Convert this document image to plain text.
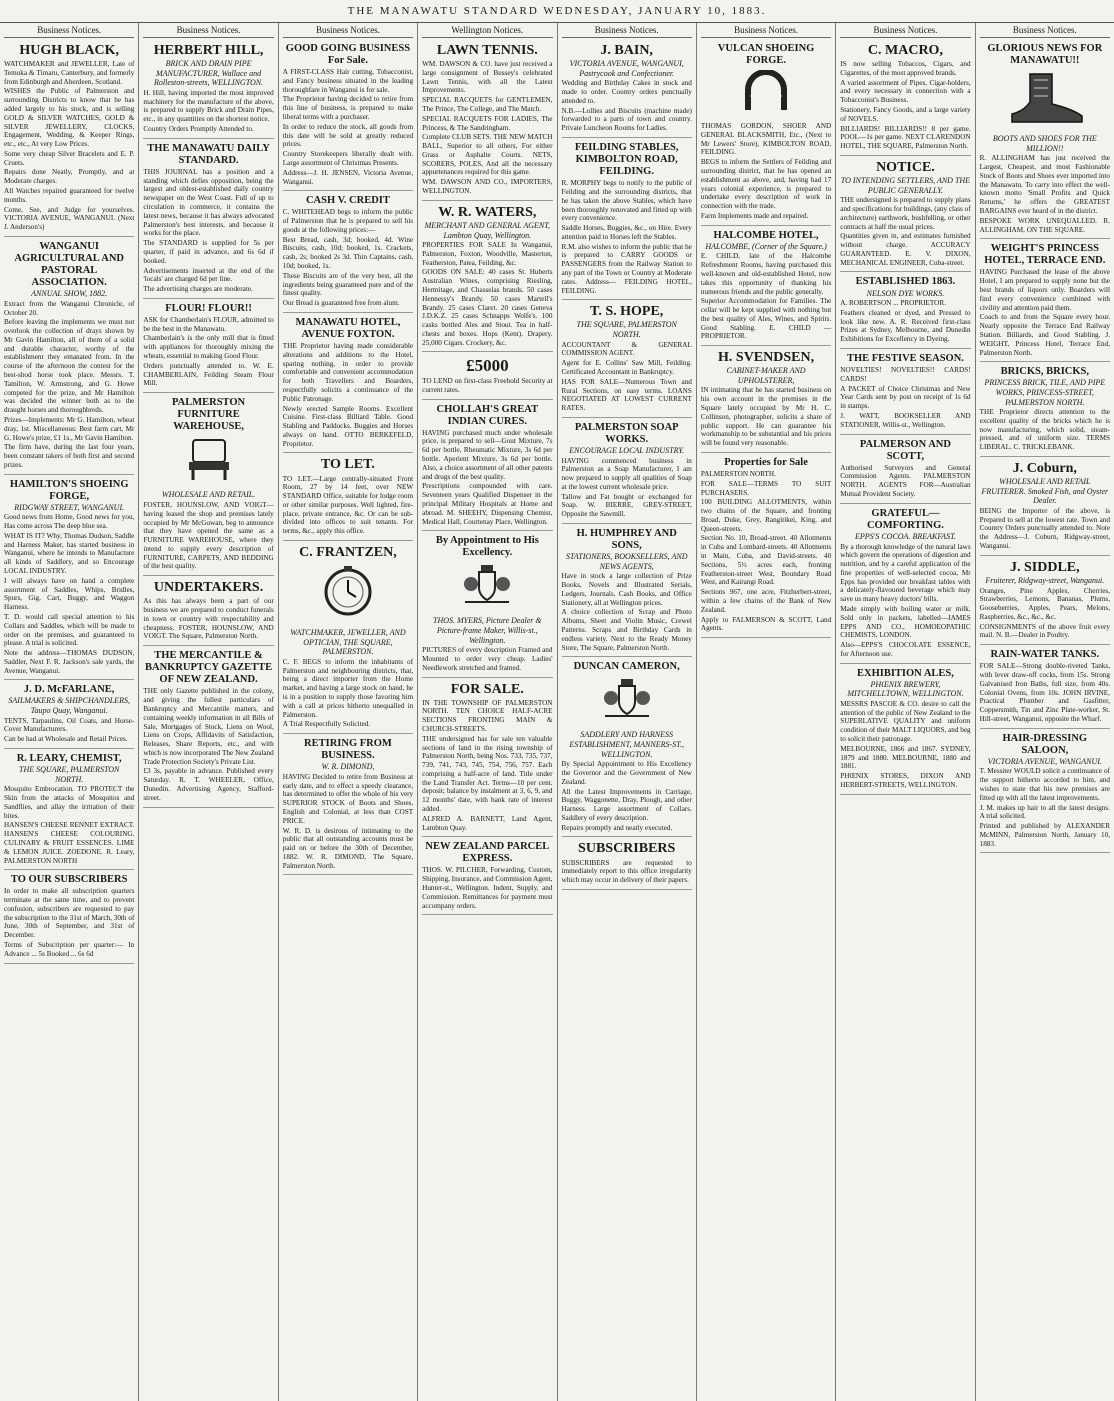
THE MANAWATU STANDARD WEDNESDAY, JANUARY 10, 1883.
Business Notices.
HUGH BLACK,

WATCHMAKER and JEWELLER, Late of Temuka & Timaru, Canterbury, and formerly from Edinburgh and Aberdeen, Scotland.

WISHES the Public of Palmerston and surrounding Districts to know that he has added largely to his stock, and is selling GOLD & SILVER WATCHES, GOLD & SILVER JEWELLERY, CLOCKS, Engagement, Wedding, & Keeper Rings, etc., etc., At very Low Prices.

Some very cheap Silver Bracelets and E. P. Cruets.

Repairs done Neatly, Promptly, and at Moderate charges.

All Watches repaired guaranteed for twelve months.

Come, See, and Judge for yourselves. VICTORIA AVENUE, WANGANUI. (Next J. Anderson's)

WANGANUI AGRICULTURAL AND PASTORAL ASSOCIATION.
ANNUAL SHOW, 1882.

Extract from the Wanganui Chronicle, of October 20.

Before leaving the implements we must not overlook the collection of drays shown by Mr Gavin Hamilton, all of them of a solid and durable character, worthy of the establishment they emanated from. In the course of the afternoon the contest for the best-shod horse took place. Messrs. T. Tamilton, W. Armstrong, and G. Howe competed for the prize, and Mr Hamilton was decided the winner both as to the draught horses and thoroughbreds.

Prizes—Implements: Mr G. Hamilton, wheat dray, 1st. Miscellaneous: Best farm cart, Mr G. Howe's prize, £1 1s., Mr Gavin Hamilton.

The firm have, during the last four years, been constant takers of both first and second prizes.

HAMILTON'S SHOEING FORGE,
RIDGWAY STREET, WANGANUI.

Good news from Home, Good news for you, Has come across The deep blue sea.

WHAT IS IT? Why, Thomas Dudson, Saddle and Harness Maker, has started business in Wanganui, where he intends to Manufacture all kinds of Saddlery, and so Encourage LOCAL INDUSTRY.

I will always have on hand a complete assortment of Saddles, Whips, Bridles, Spurs, Gig, Cart, Buggy, and Waggon Harness.

T. D. would call special attention to his Collars and Saddles, which will be made to order on the premises, and guaranteed to please. A trial is solicited.

Note the address—THOMAS DUDSON, Saddler, Next F. R. Jackson's sale yards, the Avenue, Wanganui.

J. D. McFARLANE,
SAILMAKERS & SHIPCHANDLERS, Taupo Quay, Wanganui.

TENTS, Tarpaulins, Oil Coats, and Horse-Cover Manufacturers.

Can be had at Wholesale and Retail Prices.

R. LEARY, CHEMIST,
THE SQUARE, PALMERSTON NORTH.

Mosquito Embrocation. TO PROTECT the Skin from the attacks of Mosquitos and Sandflies, and allay the irritation of their bites.

HANSEN'S CHEESE RENNET EXTRACT. HANSEN'S CHEESE COLOURING. CULINARY & FRUIT ESSENCES. LIME & LEMON JUICE. ZOEDONE. R. Leary, PALMERSTON NORTH

TO OUR SUBSCRIBERS

In order to make all subscription quarters terminate at the same time, and to prevent confusion, subscribers are requested to pay the subscription to the 31st of March, 30th of June, 30th of September, and 31st of December.

Terms of Subscription per quarter:— In Advance ... 5s Booked ... 6s 6d

Business Notices.
HERBERT HILL,
BRICK AND DRAIN PIPE MANUFACTURER, Wallace and Rolleston-streets, WELLINGTON.

H. Hill, having imported the most improved machinery for the manufacture of the above, is prepared to supply Brick and Drain Pipes, etc., in any quantities on the shortest notice.

Country Orders Promptly Attended to.

THE MANAWATU DAILY STANDARD.

THIS JOURNAL has a position and a standing which defies opposition, being the largest and oldest-established daily country newspaper on the West Coast. Full of up to circulation in commerce, it contains the latest news, because it has always advocated Palmerston's best interests, and because it works for the place.

The STANDARD is supplied for 5s per quarter, if paid in advance, and 6s 6d if booked.

Advertisements inserted at the end of the 'locals' are charged 6d per line.

The advertising charges are moderate.

FLOUR! FLOUR!!

ASK for Chamberlain's FLOUR, admitted to be the best in the Manawatu.

Chamberlain's is the only mill that is fitted with appliances for thoroughly mixing the wheats, essential to making Good Flour.

Orders punctually attended to. W. E. CHAMBERLAIN, Feilding Steam Flour Mill.

PALMERSTON FURNITURE WAREHOUSE,
WHOLESALE AND RETAIL.

FOSTER, HOUNSLOW, AND VOIGT—having leased the shop and premises lately occupied by Mr McGowan, beg to announce that they have opened the same as a FURNITURE WAREHOUSE, where they intend to supply every description of FURNITURE, CARPETS, AND BEDDING of the best quality.

UNDERTAKERS.

As this has always been a part of our business we are prepared to conduct funerals in town or country with respectability and cheapness. FOSTER, HOUNSLOW, AND VOIGT. The Square, Palmerston North.

THE MERCANTILE & BANKRUPTCY GAZETTE OF NEW ZEALAND.

THE only Gazette published in the colony, and giving the fullest particulars of Bankruptcy and Mercantile matters, and containing weekly information in all Bills of Sale, Mortgages of Stock, Liens on Wool, Liens on Crops, Affidavits of Satisfaction, Releases, Share Reports, etc., and with which is now incorporated The New Zealand Trade Protection Society's Private List.

£3 3s, payable in advance. Published every Saturday. R. T. WHEELER, Office, Dunedin. Advertising Agency, Stafford-street.

Business Notices.
GOOD GOING BUSINESS For Sale.

A FIRST-CLASS Hair cutting, Tobacconist, and Fancy business situated in the leading thoroughfare in Wanganui is for sale.

The Proprietor having decided to retire from this line of business, is prepared to make liberal terms with a purchaser.

In order to reduce the stock, all goods from this date will be sold at greatly reduced prices.

Country Storekeepers liberally dealt with. Large assortment of Christmas Presents.

Address—J. H. JENSEN, Victoria Avenue, Wanganui.

CASH V. CREDIT

C. WHITEHEAD begs to inform the public of Palmerston that he is prepared to sell his goods at the following prices:—

Best Bread, cash, 3d; booked, 4d. Wine Biscuits, cash, 10d; booked, 1s. Crackets, cash, 2s; booked 2s 3d. Thin Captains, cash, 10d; booked, 1s.

These Biscuits are of the very best, all the ingredients being guaranteed pure and of the finest quality.

Our Bread is guaranteed free from alum.

MANAWATU HOTEL, AVENUE FOXTON.

THE Proprietor having made considerable alterations and additions to the Hotel, sparing nothing, in order to provide comfortable and convenient accommodation for both Travellers and Boarders, respectfully solicits a continuance of the Public Patronage.

Newly erected Sample Rooms. Excellent Cuisine. First-class Billiard Table. Good Stabling and Paddocks. Buggies and Horses always on hand. OTTO BERKEFELD, Proprietor.

TO LET.

TO LET.—Large centrally-situated Front Room, 27 by 14 feet, over NEW STANDARD Office, suitable for lodge room or other similar purposes. Well lighted, fire-place, private entrance, &c. Or can be sub-divided into offices to suit tenants. For terms, &c., apply this office.

C. FRANTZEN,
WATCHMAKER, JEWELLER, AND OPTICIAN, THE SQUARE, PALMERSTON.

C. F. BEGS to inform the inhabitants of Palmerston and neighbouring districts, that, being a direct importer from the Home market, and having a large stock on hand, he is in a position to supply those favoring him with a call at prices hitherto unequalled in Palmerston.

A Trial Respectfully Solicited.

RETIRING FROM BUSINESS.
W. R. DIMOND,

HAVING Decided to retire from Business at early date, and to effect a speedy clearance, has determined to offer the whole of his very SUPERIOR STOCK of Boots and Shoes, English and Colonial, at less than COST PRICE.

W. R. D. is desirous of intimating to the public that all outstanding accounts must be paid on or before the 30th of December, 1882. W. R. DIMOND, The Square, Palmerston North.

Wellington Notices.
LAWN TENNIS.

WM. DAWSON & CO. have just received a large consignment of Bussey's celebrated Lawn Tennis, with all the Latest Improvements.

SPECIAL RACQUETS for GENTLEMEN, The Prince, The College, and The Match.

SPECIAL RACQUETS FOR LADIES, The Princess, & The Sandringham.

Complete CLUB SETS. THE NEW MATCH BALL, Superior to all others, For either Grass or Asphalte Courts. NETS, SCORERS, POLES, And all the necessary appurtenances required for this game.

WM. DAWSON AND CO., IMPORTERS, WELLINGTON.

W. R. WATERS,
MERCHANT AND GENERAL AGENT, Lambton Quay, Wellington.

PROPERTIES FOR SALE In Wanganui, Palmerston, Foxton, Woodville, Masterton, Featherston, Patea, Feilding, &c.

GOODS ON SALE: 40 cases St. Huberts Australian Wines, comprising Riesling, Hermitage, and Chasselas brands. 50 cases Hennessy's Brandy. 50 cases Martell's Brandy. 25 cases Claret. 20 cases Geneva J.D.K.Z. 25 cases Schnapps Wolfe's. 100 casks bottled Ales and Stout. Tea in half-chests and boxes. Hops (Kent). Drapery. 25,000 Cigars. Crockery, &c.

£5000

TO LEND on first-class Freehold Security at current rates.

CHOLLAH'S GREAT INDIAN CURES.

HAVING purchased much under wholesale price, is prepared to sell—Gout Mixture, 7s 6d per bottle, Rheumatic Mixture, 3s 6d per bottle. Aperient Mixture, 3s 6d per bottle. Also, a choice assortment of all other patents and drugs of the best quality.

Prescriptions compounded with care. Seventeen years Qualified Dispenser in the principal Military Hospitals at Home and abroad. M. SHEEHY, Dispensing Chemist, Medical Hall, Courtenay Place, Wellington.

By Appointment to His Excellency.
THOS. MYERS, Picture Dealer & Picture-frame Maker, Willis-st., Wellington.

PICTURES of every description Framed and Mounted to order very cheap. Ladies' Needlework stretched and framed.

FOR SALE.

IN THE TOWNSHIP OF PALMERSTON NORTH. TEN CHOICE HALF-ACRE SECTIONS FRONTING MAIN & CHURCH-STREETS.

THE undersigned has for sale ten valuable sections of land in the rising township of Palmerston North, being Nos. 733, 735, 737, 739, 741, 743, 745, 754, 756, 757. Each comprising a half-acre of land. Title under the Land Transfer Act. Terms—10 per cent. deposit; balance by instalment at 3, 6, 9, and 12 months' date, with bank rate of interest added.

ALFRED A. BARNETT, Land Agent, Lambton Quay.

NEW ZEALAND PARCEL EXPRESS.

THOS. W. PILCHER, Forwarding, Custom, Shipping, Insurance, and Commission Agent, Hunter-st., Wellington. Indent, Supply, and Commission. Remittances for payment must accompany orders.

Business Notices.
J. BAIN,
VICTORIA AVENUE, WANGANUI, Pastrycook and Confectioner.

Wedding and Birthday Cakes in stock and made to order. Country orders punctually attended to.

N.B.—Lollies and Biscuits (machine made) forwarded to a parts of town and country. Private Luncheon Rooms for Ladies.

FEILDING STABLES, KIMBOLTON ROAD, FEILDING.

R. MORPHY begs to notify to the public of Feilding and the surrounding districts, that he has taken the above Stables, which have been thoroughly renovated and fitted up with every convenience.

Saddle Horses, Buggies, &c., on Hire. Every attention paid to Horses left the Stables.

R.M. also wishes to inform the public that he is prepared to CARRY GOODS or PASSENGERS from the Railway Station to any part of the Town or Country at Moderate rates. Address— FEILDING HOTEL, FEILDING.

T. S. HOPE,
THE SQUARE, PALMERSTON NORTH.

ACCOUNTANT & GENERAL COMMISSION AGENT.

Agent for E. Collins' Saw Mill, Feilding. Certificated Accountant in Bankruptcy.

HAS FOR SALE—Numerous Town and Rural Sections, on easy terms. LOANS NEGOTIATED AT LOWEST CURRENT RATES.

PALMERSTON SOAP WORKS.
ENCOURAGE LOCAL INDUSTRY.

HAVING commenced business in Palmerston as a Soap Manufacturer, I am now prepared to supply all qualities of Soap at the lowest current wholesale price.

Tallow and Fat bought or exchanged for Soap. W. BIERRE, GREY-STREET, Opposite the Sawmill.

H. HUMPHREY AND SONS,
STATIONERS, BOOKSELLERS, AND NEWS AGENTS,

Have in stock a large collection of Prize Books, Novels and Illustrated Serials, Ledgers, Journals, Cash Books, and Office Stationery, all at Wellington prices.

A choice collection of Scrap and Photo Albums, Sheet and Violin Music, Crewel Patterns. Scraps and Birthday Cards in endless variety. Next to the Ready Money Store, The Square, Palmerston North.

DUNCAN CAMERON,
SADDLERY AND HARNESS ESTABLISHMENT, MANNERS-ST., WELLINGTON.

By Special Appointment to His Excellency the Governor and the Government of New Zealand.

All the Latest Improvements in Carriage, Buggy, Waggonette, Dray, Plough, and other Harness. Large assortment of Collars. Saddlery of every description.

Repairs promptly and neatly executed.

SUBSCRIBERS

SUBSCRIBERS are requested to immediately report to this office irregularity which may occur in delivery of their papers.

Business Notices.
VULCAN SHOEING FORGE.

THOMAS GORDON, SHOER AND GENERAL BLACKSMITH, Etc., (Next to Mr Lewers' Store), KIMBOLTON ROAD, FEILDING.

BEGS to inform the Settlers of Feilding and surrounding district, that he has opened an establishment as above, and, having had 17 years colonial experience, is prepared to undertake every description of work in connection with the trade.

Farm Implements made and repaired.

HALCOMBE HOTEL,
HALCOMBE, (Corner of the Square.)

E. CHILD, late of the Halcombe Refreshment Rooms, having purchased this well-known and old-established Hotel, now takes this opportunity of thanking his numerous friends and the public generally.

Superior Accommodation for Families. The cellar will be kept supplied with nothing but the best quality of Ales, Wines, and Spirits. Good Stabling. E. CHILD — PROPRIETOR.

H. SVENDSEN,
CABINET-MAKER AND UPHOLSTERER,

IN intimating that he has started business on his own account in the premises in the Square lately occupied by Mr H. C. Collinson, photographer, solicits a share of public support. He can guarantee his workmanship to be substantial and his prices will be found very reasonable.

Properties for Sale

PALMERSTON NORTH.

FOR SALE—TERMS TO SUIT PURCHASERS.

100 BUILDING ALLOTMENTS, within two chains of the Square, and fronting Broad, Duke, Grey, Rangitikei, King, and Queen-streets.

Section No. 10, Broad-street. 40 Allotments in Cuba and Lombard-streets. 40 Allotments in Main, Cuba, and David-streets. 40 Sections, 5½ acres each, fronting Featherston-street West, Boundary Road West, and Kairangi Road.

Sections 967, one acre, Fitzherbert-street, within a few chains of the Bank of New Zealand.

Apply to FALMERSON & SCOTT, Land Agents.

Business Notices.
C. MACRO,

IS now selling Tobaccos, Cigars, and Cigarettes, of the most approved brands.

A varied assortment of Pipes, Cigar-holders, and every necessary in connection with a Tobacconist's Business.

Stationery, Fancy Goods, and a large variety of NOVELS.

BILLIARDS! BILLIARDS!! 8 per game. POOL—1s per game. NEXT CLARENDON HOTEL, THE SQUARE, Palmerston North.

NOTICE.
TO INTENDING SETTLERS, AND THE PUBLIC GENERALLY.

THE undersigned is prepared to supply plans and specifications for buildings, (any class of architecture) earthwork, bushfelling, or other contracts at half the usual prices.

Quantities given in, and estimates furnished without charge. ACCURACY GUARANTEED. E. V. DIXON, MECHANICAL ENGINEER, Cuba-street.

ESTABLISHED 1863.
NELSON DYE WORKS.

A. ROBERTSON ... PROPRIETOR.

Feathers cleaned or dyed, and Pressed to look like new. A. R. Received first-class Prizes at Sydney, Melbourne, and Dunedin Exhibitions for Excellency in Dyeing.

THE FESTIVE SEASON.

NOVELTIES! NOVELTIES!! CARDS! CARDS!

A PACKET of Choice Christmas and New Year Cards sent by post on receipt of 1s 6d in stamps.

J. WATT, BOOKSELLER AND STATIONER, Willis-st., Wellington.

PALMERSON AND SCOTT,

Authorised Surveyors and General Commission Agents. PALMERSTON NORTH. AGENTS FOR—Australian Mutual Provident Society.

GRATEFUL—COMFORTING.
EPPS'S COCOA. BREAKFAST.

By a thorough knowledge of the natural laws which govern the operations of digestion and nutrition, and by a careful application of the fine properties of well-selected cocoa, Mr Epps has provided our breakfast tables with a delicately-flavoured beverage which may save us many heavy doctors' bills.

Made simply with boiling water or milk. Sold only in packets, labelled—JAMES EPPS AND CO., HOMOEOPATHIC CHEMISTS, LONDON.

Also—EPPS'S CHOCOLATE ESSENCE, for Afternoon use.

EXHIBITION ALES,
PHŒNIX BREWERY, MITCHELLTOWN, WELLINGTON.

MESSRS PASCOE & CO. desire to call the attention of the public of New Zealand to the SUPERLATIVE QUALITY and uniform condition of their MALT LIQUORS, and beg to solicit their patronage.

MELBOURNE, 1866 and 1867. SYDNEY, 1879 and 1880. MELBOURNE, 1880 and 1881.

PHŒNIX STORES, DIXON AND HERBERT-STREETS, WELLINGTON.

Business Notices.
GLORIOUS NEWS FOR MANAWATU!!
BOOTS AND SHOES FOR THE MILLION!!

R. ALLINGHAM has just received the Largest, Cheapest, and most Fashionable Stock of Boots and Shoes ever imported into the Manawatu. To carry into effect the well-known motto 'Small Profits and Quick Returns,' he offers the GREATEST BARGAINS ever heard of in the district.

BESPOKE WORK UNEQUALLED. R. ALLINGHAM, ON THE SQUARE.

WEIGHT'S PRINCESS HOTEL, TERRACE END.

HAVING Purchased the lease of the above Hotel, I am prepared to supply none but the best brands of liquors only. Boarders will find every convenience combined with civility and attention paid them.

Coach to and from the Square every hour. Nearly opposite the Terrace End Railway Station. Billiards, and Good Stabling. J. WEIGHT, Princess Hotel, Terrace End, Palmerston North.

BRICKS, BRICKS,
PRINCESS BRICK, TILE, AND PIPE WORKS, PRINCESS-STREET, PALMERSTON NORTH.

THE Proprietor directs attention to the excellent quality of the bricks which he is now manufacturing, which solid, steam-pressed, and of uniform size. TERMS LIBERAL. C. TRICKLEBANK.

J. Coburn,
WHOLESALE AND RETAIL FRUITERER. Smoked Fish, and Oyster Dealer.

BEING the Importer of the above, is Prepared to sell at the lowest rate. Town and Country Orders punctually attended to. Note the Address—J. Coburn, Ridgway-street, Wanganui.

J. SIDDLE,
Fruiterer, Ridgway-street, Wanganui.

Oranges, Pine Apples, Cherries, Strawberries, Lemons, Bananas, Plums, Gooseberries, Apples, Pears, Melons, Raspberries, &c., &c., &c.

CONSIGNMENTS of the above fruit every mail. N. B.—Dealer in Poultry.

RAIN-WATER TANKS.

FOR SALE—Strong double-riveted Tanks, with lever draw-off cocks, from 15s. Strong Galvanised Iron Baths, full size, from 40s. Colonial Ovens, from 10s. JOHN IRVINE, Practical Plumber and Gasfitter, Coppersmith, Tin and Zinc Plate-worker, St. Hill-street, Wanganui, opposite the Wharf.

HAIR-DRESSING SALOON,
VICTORIA AVENUE, WANGANUI.

T. Messiter WOULD solicit a continuance of the support hitherto accorded to him, and wishes to state that his new premises are fitted up with all the latest improvements.

J. M. makes up hair to all the latest designs. A trial solicited.

Printed and published by ALEXANDER McMINN, Palmerston North, January 10, 1883.
